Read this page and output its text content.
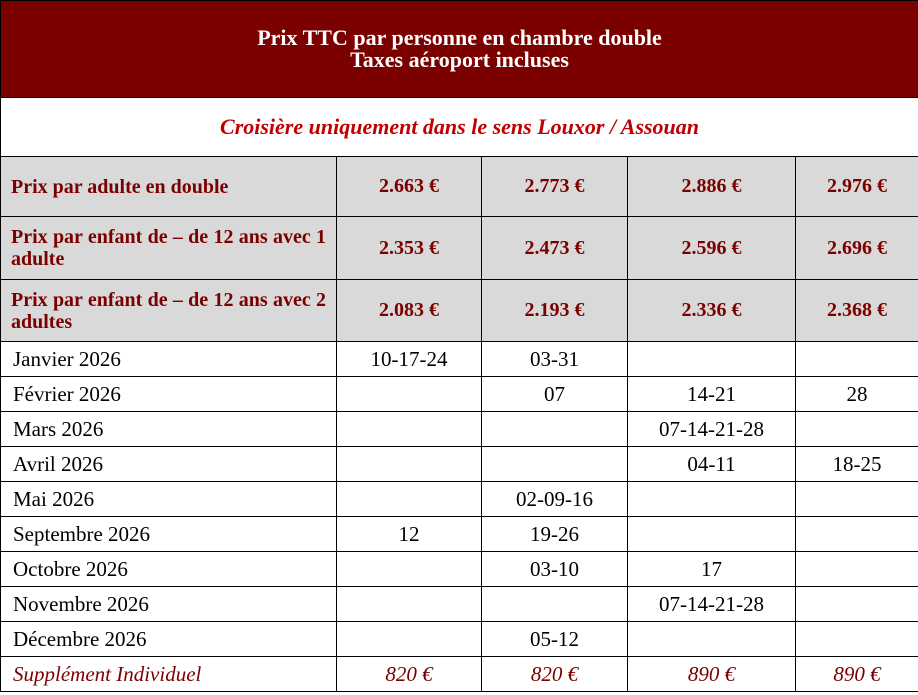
Prix TTC par personne en chambre double
Taxes aéroport incluses				

Croisière uniquement dans le sens Louxor / Assouan				
Prix par adulte en double	2.663 €	2.773 €	2.886 €	2.976 €
Prix par enfant de – de 12 ans avec 1 adulte	2.353 €	2.473 €	2.596 €	2.696 €
Prix par enfant de – de 12 ans avec 2 adultes	2.083 €	2.193 €	2.336 €	2.368 €
Janvier 2026	10-17-24	03-31		
Février 2026		07	14-21	28
Mars 2026			07-14-21-28	
Avril 2026			04-11	18-25
Mai 2026		02-09-16		
Septembre 2026	12	19-26		
Octobre 2026		03-10	17	
Novembre 2026			07-14-21-28	
Décembre 2026		05-12		
Supplément Individuel	820 €	820 €	890 €	890 €
